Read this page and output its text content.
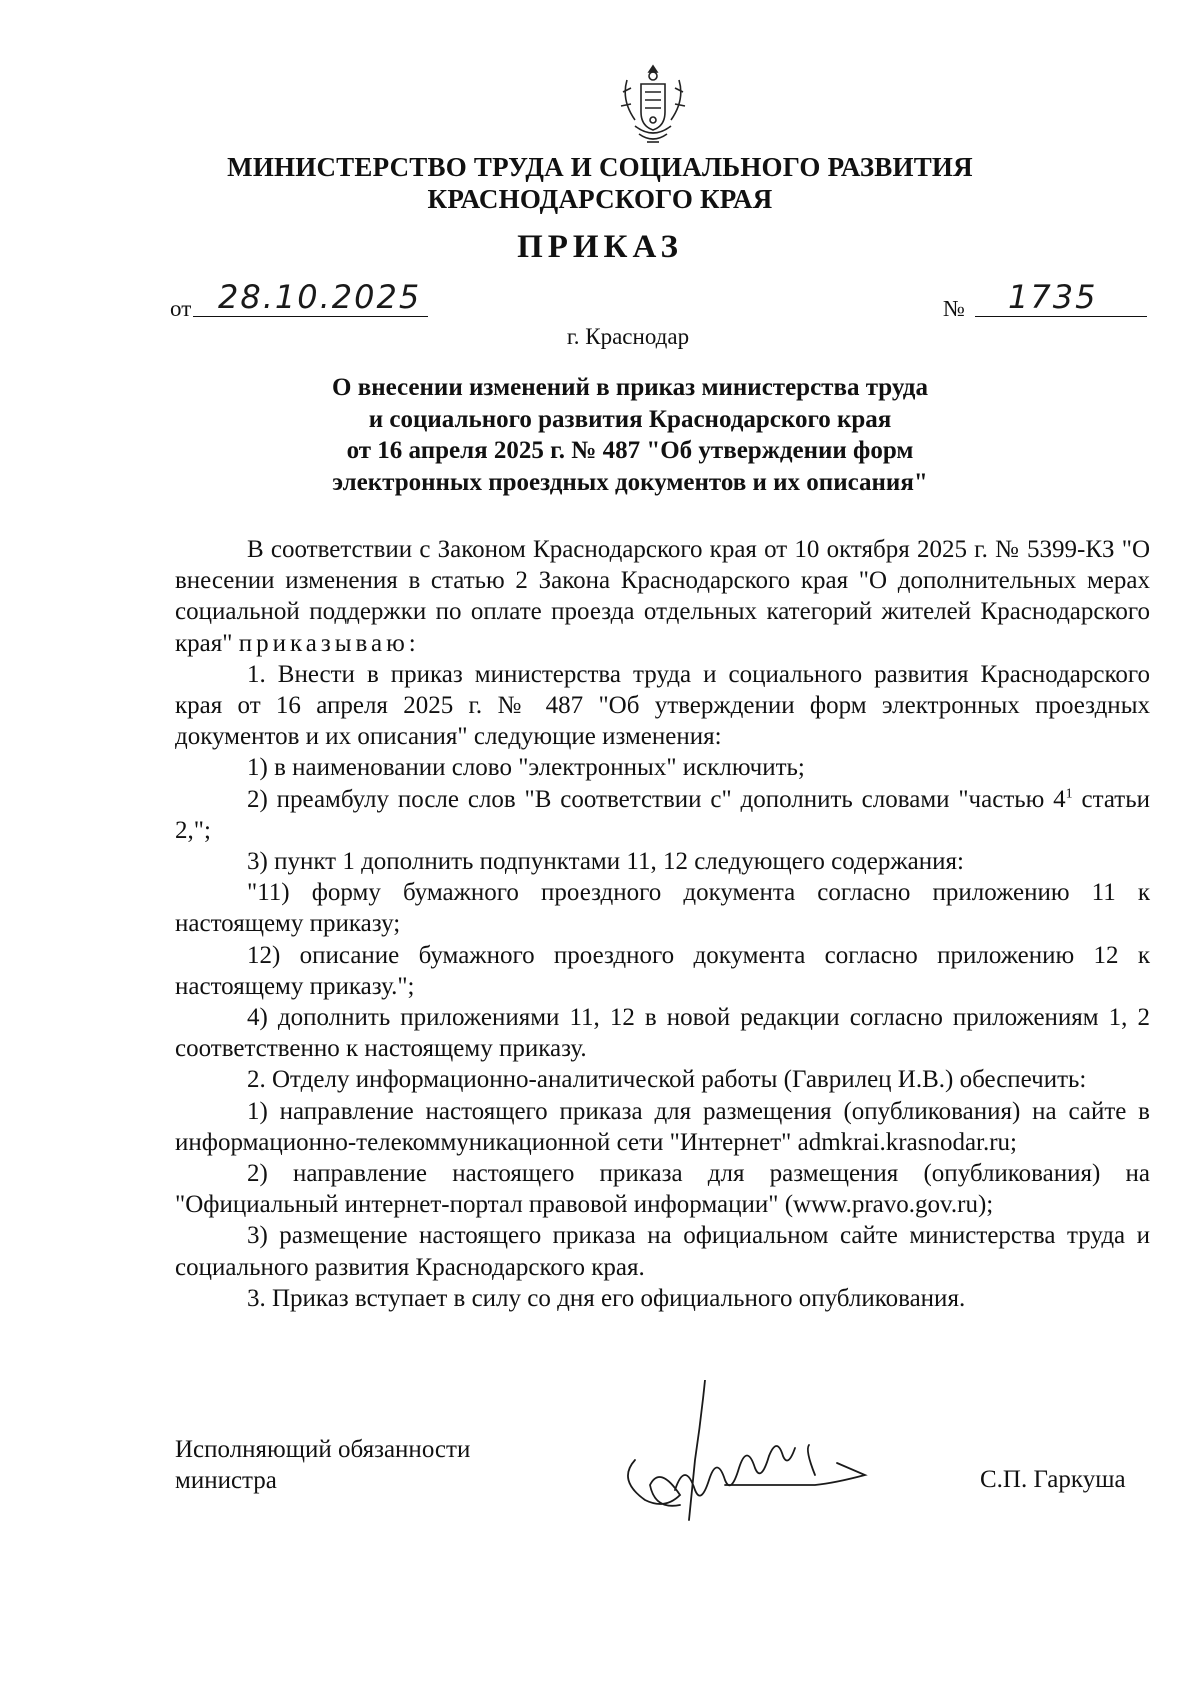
МИНИСТЕРСТВО ТРУДА И СОЦИАЛЬНОГО РАЗВИТИЯ
КРАСНОДАРСКОГО КРАЯ
ПРИКАЗ
от 28.10.2025	№ 1735
г. Краснодар
О внесении изменений в приказ министерства труда
и социального развития Краснодарского края
от 16 апреля 2025 г. № 487 "Об утверждении форм
электронных проездных документов и их описания"

В соответствии с Законом Краснодарского края от 10 октября 2025 г. № 5399-КЗ "О внесении изменения в статью 2 Закона Краснодарского края "О дополнительных мерах социальной поддержки по оплате проезда отдельных категорий жителей Краснодарского края" приказываю:

1. Внести в приказ министерства труда и социального развития Краснодарского края от 16 апреля 2025 г. № 487 "Об утверждении форм электронных проездных документов и их описания" следующие изменения:

1) в наименовании слово "электронных" исключить;

2) преамбулу после слов "В соответствии с" дополнить словами "частью $4^1$ статьи 2,";

3) пункт 1 дополнить подпунктами 11, 12 следующего содержания:

"11) форму бумажного проездного документа согласно приложению 11 к настоящему приказу;

12) описание бумажного проездного документа согласно приложению 12 к настоящему приказу.";

4) дополнить приложениями 11, 12 в новой редакции согласно приложениям 1, 2 соответственно к настоящему приказу.

2. Отделу информационно-аналитической работы (Гаврилец И.В.) обеспечить:

1) направление настоящего приказа для размещения (опубликования) на сайте в информационно-телекоммуникационной сети "Интернет" admkrai.krasnodar.ru;

2) направление настоящего приказа для размещения (опубликования) на "Официальный интернет-портал правовой информации" (www.pravo.gov.ru);

3) размещение настоящего приказа на официальном сайте министерства труда и социального развития Краснодарского края.

3. Приказ вступает в силу со дня его официального опубликования.

Исполняющий обязанности
министра	С.П. Гаркуша
